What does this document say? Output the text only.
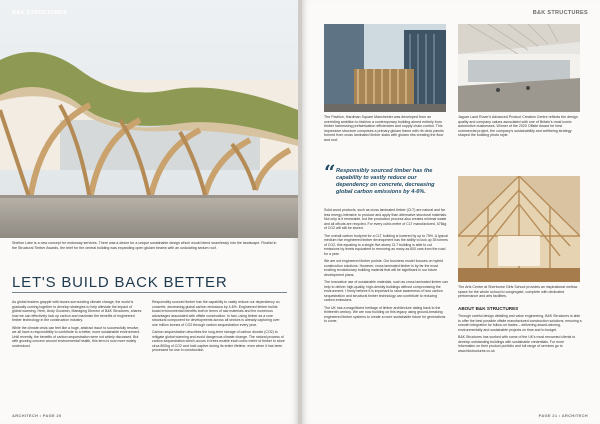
B&K STRUCTURES
Shelton Lake is a new concept for motorway services. There was a desire for a unique sustainable design which would blend seamlessly into the landscape. Finalist in the Structural Timber Awards, the brief for the central building was expanding open glulam beams with an undulating sedum roof.
LET'S BUILD BACK BETTER

As global leaders grapple with issues surrounding climate change, the world is gradually coming together to develop strategies to help alleviate the impact of global warming. Here, Andy Goodwin, Managing Director of B&K Structures, shares how we can effectively lock up carbon and maximise the benefits of engineered timber technology in the construction industry.

While the climate crisis can feel like a huge, abstract issue to successfully resolve, we all have a responsibility to contribute to a better, more sustainable environment. Until recently, the benefits of carbon sequestration were not widely discussed. But with growing concern around environmental health, this term is now more widely understood.

Responsibly sourced timber has the capability to vastly reduce our dependency on concrete, decreasing global carbon emissions by 4-6%. Engineered timber builds boast environmental benefits both in terms of raw materials and the numerous advantages associated with offsite construction. In fact, using timber as a core structural component for developments across all sectors is already capturing over one million tonnes of CO2 through carbon sequestration every year.

Carbon sequestration describes the long-term storage of carbon dioxide (CO2) to mitigate global warming and avoid dangerous climate change. The natural process of carbon sequestration which occurs in trees enable each cubic metre of timber to store circa 800kg of CO2 and hold captive during its entire lifetime, even when it has been processed for use in construction.

ARCHITECH • PAGE 20
B&K STRUCTURES
The Pavilion, Hardman Square Manchester was developed from an overriding ambition to fashion a contemporary building aimed entirely from timber harnessing prefabrication efficiencies and supply chain control. This impressive structure comprises a primary glulam frame with rib deck panels formed from cross laminated timber slabs with glulam ribs creating the floor and roof.
Jaguar Land Rover's Advanced Product Creation Centre reflects the design quality and company values associated with one of Britain's most iconic automotive businesses. Winner of the 2020 Offsite Award for best commercial project, the company's sustainability and wellbeing strategy shaped the building photo style.
“ Responsibly sourced timber has the capability to vastly reduce our dependency on concrete, decreasing global carbon emissions by 4-6%.

Solid wood products, such as cross laminated timber (CLT) are natural and far less energy-intensive to produce and apply than alternative structural materials. Not only is it renewable, but the production process also creates minimal waste and all offcuts are recycled. For every cubic metre of CLT manufactured, 676kg of CO2 will still be stored.

The overall carbon footprint for a CLT building is lowered by up to 75%. A typical medium rise engineered timber development has the ability to lock up 35 tonnes of CO2, this equating to a single five-storey CLT building is able to cut emissions by levels equivalent to removing as many as 600 cars from the road for a year.

We are not engineered timber purists. Our business model focuses on hybrid construction solutions. However, cross laminated timber is by far the most exciting revolutionary building material that will be significant in our future development plans.

The innovative use of sustainable materials, such as cross laminated timber can help to deliver high-quality, high-density buildings without compromising the environment. I firmly believe it is important to raise awareness of how carbon sequestration and structural timber technology can contribute to reducing carbon emissions.

The UK has a magnificent heritage of timber architecture dating back to the thirteenth century. We are now building on this legacy using ground-breaking engineered timber systems to create a more sustainable future for generations to come.

The Arts Centre at Sherborne Girls School provides an inspirational mellow space for the whole school to congregate, complete with dedicated performance and arts facilities.
ABOUT B&K STRUCTURES

Through careful design detailing and value engineering, B&K Structures is able to offer the best possible offsite manufactured construction solutions, ensuring a smooth integration for follow-on trades – delivering award-winning, environmentally and sustainable projects on time and to budget.

B&K Structures has worked with some of the UK's most renowned clients to develop outstanding buildings with sustainable credentials. For more information on their product portfolio and full range of services go to www.bkstructures.co.uk

PAGE 21 • ARCHITECH
